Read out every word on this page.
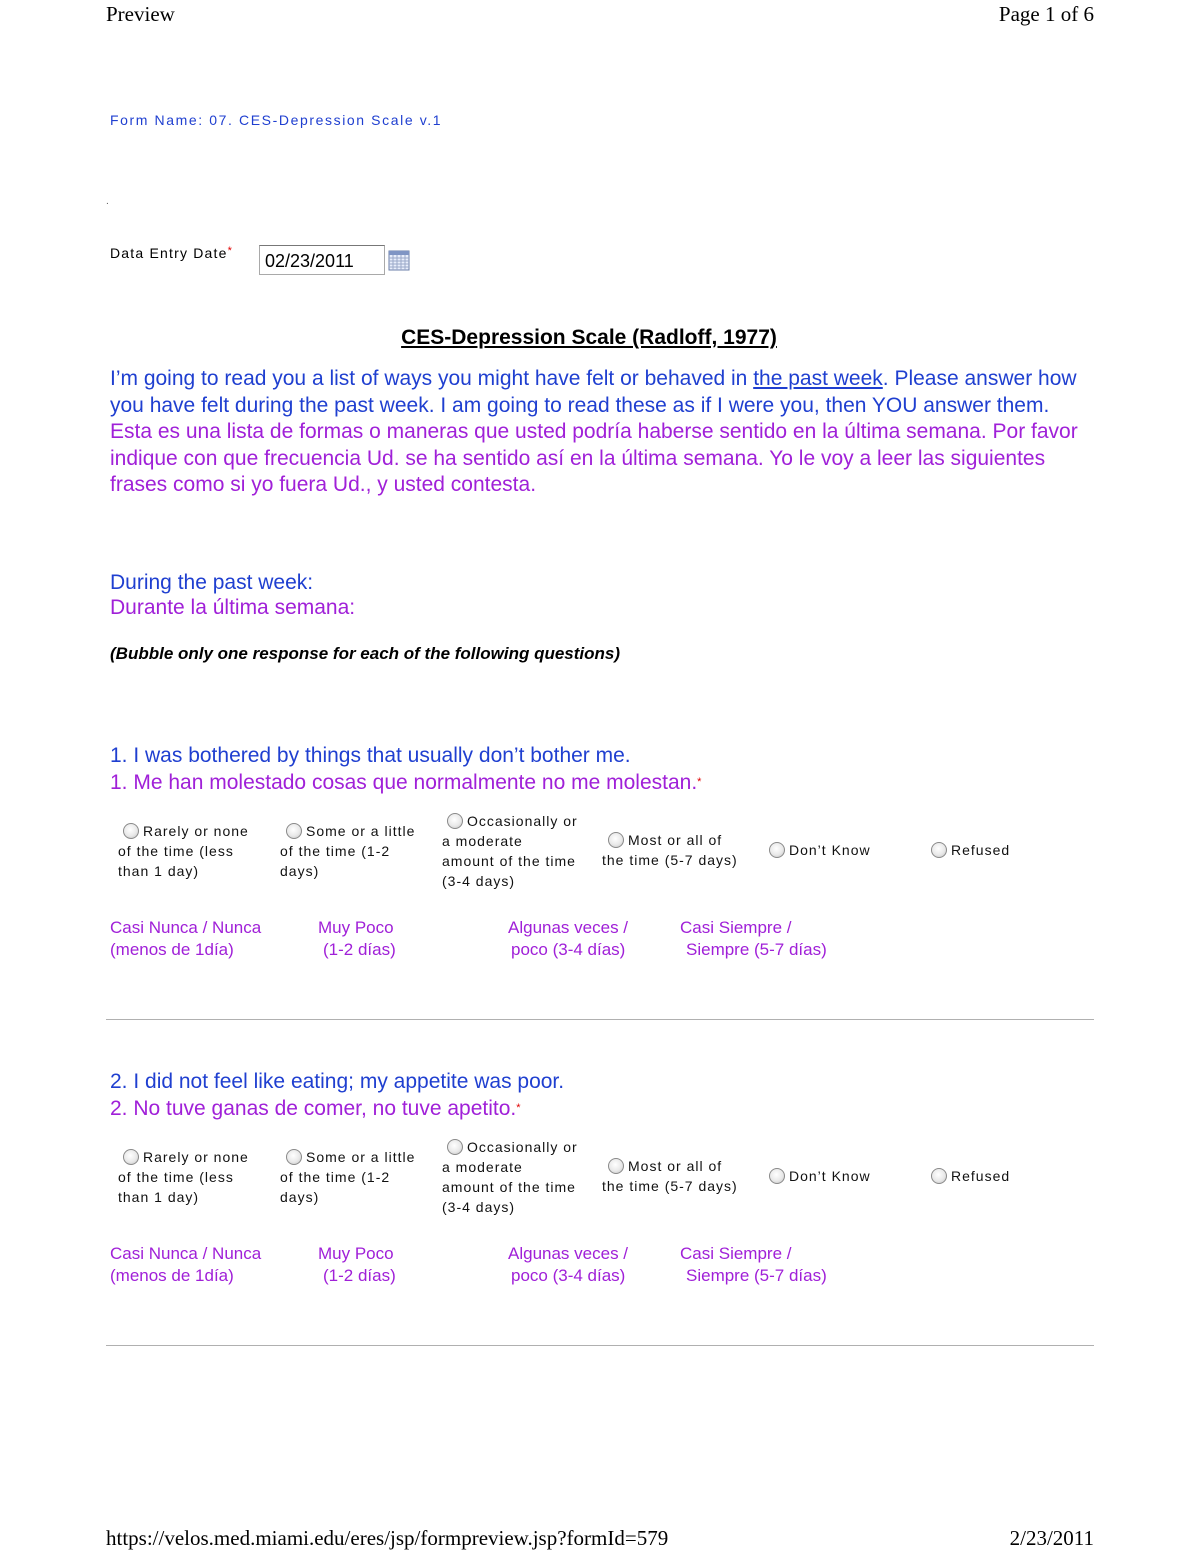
Preview	Page 1 of 6
Form Name: 07. CES-Depression Scale v.1
.
Data Entry Date*
02/23/2011
CES-Depression Scale (Radloff, 1977)
I’m going to read you a list of ways you might have felt or behaved in the past week. Please answer how you have felt during the past week. I am going to read these as if I were you, then YOU answer them.
Esta es una lista de formas o maneras que usted podría haberse sentido en la última semana. Por favor indique con que frecuencia Ud. se ha sentido así en la última semana. Yo le voy a leer las siguientes frases como si yo fuera Ud., y usted contesta.
During the past week:
Durante la última semana:
(Bubble only one response for each of the following questions)
1. I was bothered by things that usually don’t bother me.
1. Me han molestado cosas que normalmente no me molestan.*
Rarely or none
of the time (less
than 1 day)
Some or a little
of the time (1-2
days)
Occasionally or
a moderate
amount of the time
(3-4 days)
Most or all of
the time (5-7 days)
Don’t Know	Refused
Casi Nunca / Nunca
(menos de 1día)
Muy Poco
(1-2 días)
Algunas veces /
poco (3-4 días)
Casi Siempre /
Siempre (5-7 días)
2. I did not feel like eating; my appetite was poor.
2. No tuve ganas de comer, no tuve apetito.*
Rarely or none
of the time (less
than 1 day)
Some or a little
of the time (1-2
days)
Occasionally or
a moderate
amount of the time
(3-4 days)
Most or all of
the time (5-7 days)
Don’t Know	Refused
Casi Nunca / Nunca
(menos de 1día)
Muy Poco
(1-2 días)
Algunas veces /
poco (3-4 días)
Casi Siempre /
Siempre (5-7 días)
https://velos.med.miami.edu/eres/jsp/formpreview.jsp?formId=579	2/23/2011
